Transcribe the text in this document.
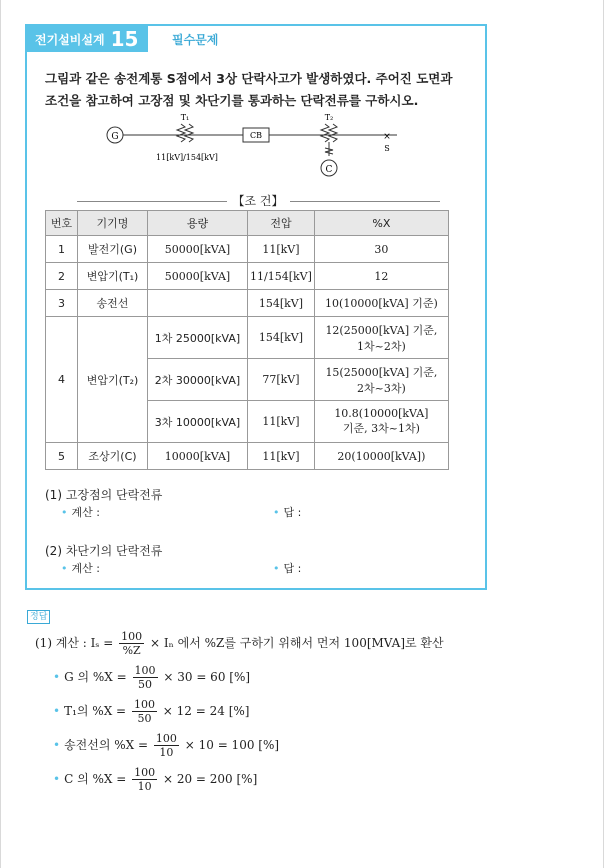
전기설비설계 15	필수문제
그림과 같은 송전계통 S점에서 3상 단락사고가 발생하였다. 주어진 도면과
조건을 참고하여 고장점 및 차단기를 통과하는 단락전류를 구하시오.
G
T₁
11[kV]/154[kV]
CB
T₂
C
×
S
【조 건】
번호	기기명	용량	전압	%X
1	발전기(G)	50000[kVA]	11[kV]	30
2	변압기(T₁)	50000[kVA]	11/154[kV]	12
3	송전선		154[kV]	10(10000[kVA] 기준)
4	변압기(T₂)	1차 25000[kVA]	154[kV]	12(25000[kVA] 기준,
1차~2차)

		2차 30000[kVA]	77[kV]	15(25000[kVA] 기준,
2차~3차)

		3차 10000[kVA]	11[kV]	10.8(10000[kVA]
기준, 3차~1차)

5	조상기(C)	10000[kVA]	11[kV]	20(10000[kVA])
(1) 고장점의 단락전류
• 계산 :	• 답 :
(2) 차단기의 단락전류
• 계산 :	• 답 :
정답
(1) 계산 : $I_s = \frac{100}{\%Z} \times I_n$ 에서 %Z를 구하기 위해서 먼저 100[MVA]로 환산
• G 의 $\%X = \frac{100}{50} \times 30 = 60$ [%]
• T₁의 $\%X = \frac{100}{50} \times 12 = 24$ [%]
• 송전선의 $\%X = \frac{100}{10} \times 10 = 100$ [%]
• C 의 $\%X = \frac{100}{10} \times 20 = 200$ [%]
